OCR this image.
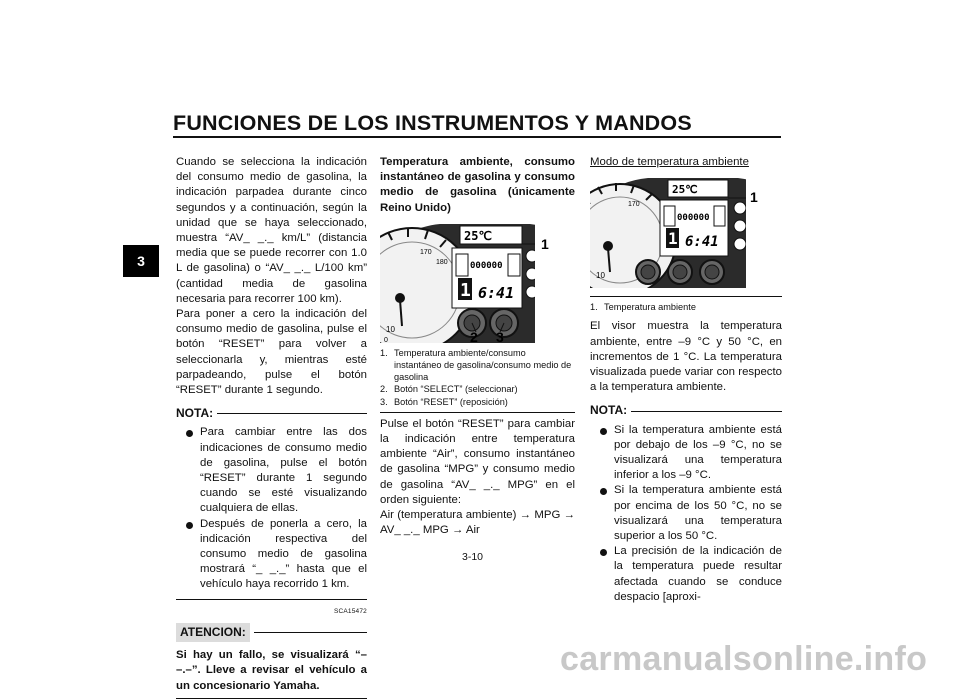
FUNCIONES DE LOS INSTRUMENTOS Y MANDOS
3

Cuando se selecciona la indicación del consumo medio de gasolina, la indicación parpadea durante cinco segundos y a continuación, según la unidad que se haya seleccionado, muestra “AV_ _._ km/L” (distancia media que se puede recorrer con 1.0 L de gasolina) o “AV_ _._ L/100 km” (cantidad media de gasolina necesaria para recorrer 100 km).

Para poner a cero la indicación del consumo medio de gasolina, pulse el botón “RESET” para volver a seleccionarla y, mientras esté parpadeando, pulse el botón “RESET” durante 1 segundo.

NOTA:

Para cambiar entre las dos indicaciones de consumo medio de gasolina, pulse el botón “RESET” durante 1 segundo cuando se esté visualizando cualquiera de ellas.

Después de ponerla a cero, la indicación respectiva del consumo medio de gasolina mostrará “_ _._” hasta que el vehículo haya recorrido 1 km.

SCA15472
ATENCION:

Si hay un fallo, se visualizará “– –.–”. Lleve a revisar el vehículo a un concesionario Yamaha.

Temperatura ambiente, consumo instantáneo de gasolina y consumo medio de gasolina (únicamente Reino Unido)

10
0
170
180
25℃
000000
1 6:41
1
2 3
1. Temperatura ambiente/consumo instantáneo de gasolina/consumo medio de gasolina
2. Botón “SELECT” (seleccionar)
3. Botón “RESET” (reposición)

Pulse el botón “RESET” para cambiar la indicación entre temperatura ambiente “Air”, consumo instantáneo de gasolina “MPG” y consumo medio de gasolina “AV_ _._ MPG” en el orden siguiente:

Air (temperatura ambiente) → MPG → AV_ _._ MPG → Air

Modo de temperatura ambiente

10
170
25℃
000000
1 6:41
1
1. Temperatura ambiente

El visor muestra la temperatura ambiente, entre –9 °C y 50 °C, en incrementos de 1 °C. La temperatura visualizada puede variar con respecto a la temperatura ambiente.

NOTA:

Si la temperatura ambiente está por debajo de los –9 °C, no se visualizará una temperatura inferior a los –9 °C.

Si la temperatura ambiente está por encima de los 50 °C, no se visualizará una temperatura superior a los 50 °C.

La precisión de la indicación de la temperatura puede resultar afectada cuando se conduce despacio [aproxi-

3-10
carmanualsonline.info
